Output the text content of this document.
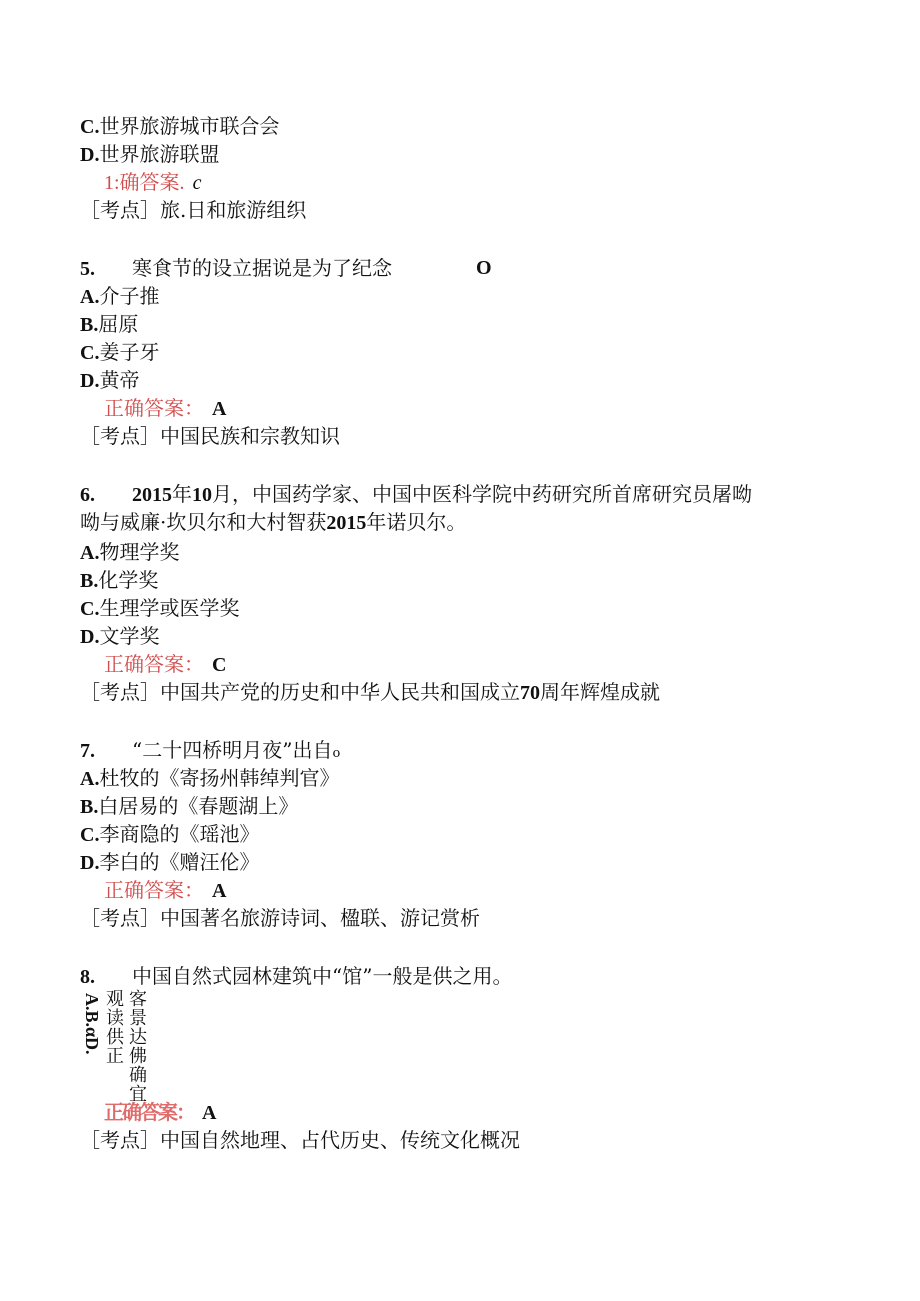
C.世界旅游城市联合会
D.世界旅游联盟
1:确答案. c
［考点］旅.日和旅游组织
5. 寒食节的设立据说是为了纪念	O
A.介子推
B.屈原
C.姜子牙
D.黄帝
正确答案： A
［考点］中国民族和宗教知识
6. 2015年10月，中国药学家、中国中医科学院中药研究所首席研究员屠呦
呦与威廉·坎贝尔和大村智获2015年诺贝尔。
A.物理学奖
B.化学奖
C.生理学或医学奖
D.文学奖
正确答案： C
［考点］中国共产党的历史和中华人民共和国成立70周年辉煌成就
7. “二十四桥明月夜”出自o
A.杜牧的《寄扬州韩绰判官》
B.白居易的《春题湖上》
C.李商隐的《瑶池》
D.李白的《赠汪伦》
正确答案： A
［考点］中国著名旅游诗词、楹联、游记赏析
8. 中国自然式园林建筑中“馆”一般是供之用。
A.B.αD. 观读供正
客景达佛确宜
正确答案： A
［考点］中国自然地理、占代历史、传统文化概况
